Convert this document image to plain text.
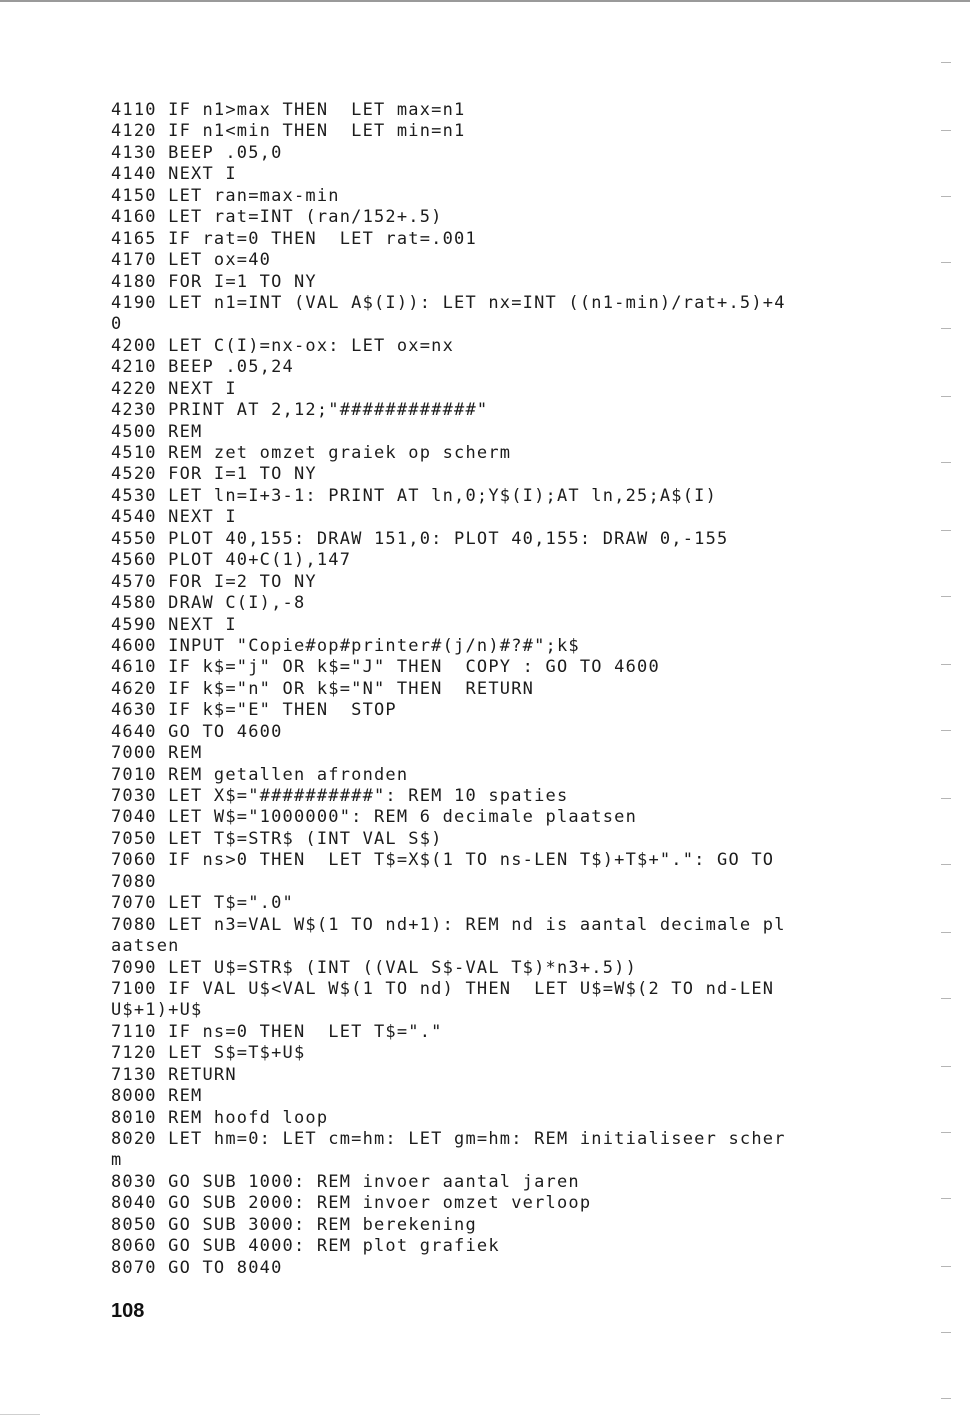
4110 IF n1>max THEN  LET max=n1
4120 IF n1<min THEN  LET min=n1
4130 BEEP .05,0
4140 NEXT I
4150 LET ran=max-min
4160 LET rat=INT (ran/152+.5)
4165 IF rat=0 THEN  LET rat=.001
4170 LET ox=40
4180 FOR I=1 TO NY
4190 LET n1=INT (VAL A$(I)): LET nx=INT ((n1-min)/rat+.5)+4
0
4200 LET C(I)=nx-ox: LET ox=nx
4210 BEEP .05,24
4220 NEXT I
4230 PRINT AT 2,12;"############"
4500 REM
4510 REM zet omzet graiek op scherm
4520 FOR I=1 TO NY
4530 LET ln=I+3-1: PRINT AT ln,0;Y$(I);AT ln,25;A$(I)
4540 NEXT I
4550 PLOT 40,155: DRAW 151,0: PLOT 40,155: DRAW 0,-155
4560 PLOT 40+C(1),147
4570 FOR I=2 TO NY
4580 DRAW C(I),-8
4590 NEXT I
4600 INPUT "Copie#op#printer#(j/n)#?#";k$
4610 IF k$="j" OR k$="J" THEN  COPY : GO TO 4600
4620 IF k$="n" OR k$="N" THEN  RETURN
4630 IF k$="E" THEN  STOP
4640 GO TO 4600
7000 REM
7010 REM getallen afronden
7030 LET X$="##########": REM 10 spaties
7040 LET W$="1000000": REM 6 decimale plaatsen
7050 LET T$=STR$ (INT VAL S$)
7060 IF ns>0 THEN  LET T$=X$(1 TO ns-LEN T$)+T$+".": GO TO
7080
7070 LET T$=".0"
7080 LET n3=VAL W$(1 TO nd+1): REM nd is aantal decimale pl
aatsen
7090 LET U$=STR$ (INT ((VAL S$-VAL T$)*n3+.5))
7100 IF VAL U$<VAL W$(1 TO nd) THEN  LET U$=W$(2 TO nd-LEN
U$+1)+U$
7110 IF ns=0 THEN  LET T$="."
7120 LET S$=T$+U$
7130 RETURN
8000 REM
8010 REM hoofd loop
8020 LET hm=0: LET cm=hm: LET gm=hm: REM initialiseer scher
m
8030 GO SUB 1000: REM invoer aantal jaren
8040 GO SUB 2000: REM invoer omzet verloop
8050 GO SUB 3000: REM berekening
8060 GO SUB 4000: REM plot grafiek
8070 GO TO 8040
108
